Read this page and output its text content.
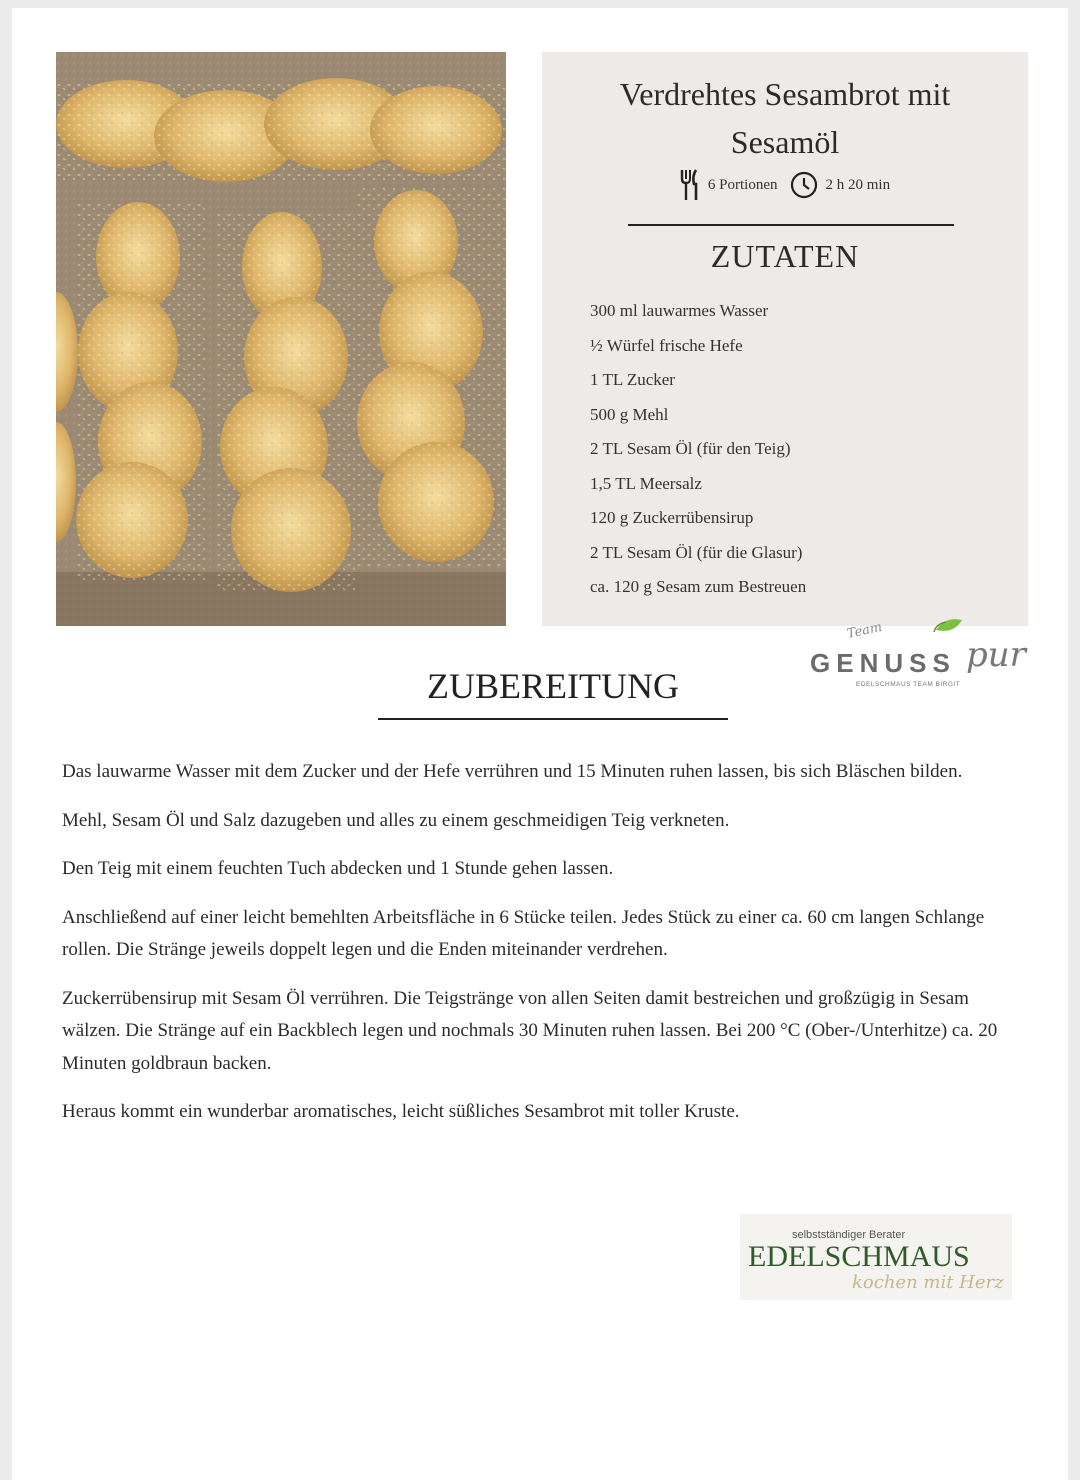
Verdrehtes Sesambrot mit Sesamöl
6 Portionen	2 h 20 min
ZUTATEN
300 ml lauwarmes Wasser
½ Würfel frische Hefe
1 TL Zucker
500 g Mehl
2 TL Sesam Öl (für den Teig)
1,5 TL Meersalz
120 g Zuckerrübensirup
2 TL Sesam Öl (für die Glasur)
ca. 120 g Sesam zum Bestreuen
Team
GENUSS pur
EDELSCHMAUS TEAM BIRGIT
ZUBEREITUNG

Das lauwarme Wasser mit dem Zucker und der Hefe verrühren und 15 Minuten ruhen lassen, bis sich Bläschen bilden.

Mehl, Sesam Öl und Salz dazugeben und alles zu einem geschmeidigen Teig verkneten.

Den Teig mit einem feuchten Tuch abdecken und 1 Stunde gehen lassen.

Anschließend auf einer leicht bemehlten Arbeitsfläche in 6 Stücke teilen. Jedes Stück zu einer ca. 60 cm langen Schlange rollen. Die Stränge jeweils doppelt legen und die Enden miteinander verdrehen.

Zuckerrübensirup mit Sesam Öl verrühren. Die Teigstränge von allen Seiten damit bestreichen und großzügig in Sesam wälzen. Die Stränge auf ein Backblech legen und nochmals 30 Minuten ruhen lassen. Bei 200 °C (Ober-/Unterhitze) ca. 20 Minuten goldbraun backen.

Heraus kommt ein wunderbar aromatisches, leicht süßliches Sesambrot mit toller Kruste.

selbstständiger Berater
EDELSCHMAUS
kochen mit Herz
